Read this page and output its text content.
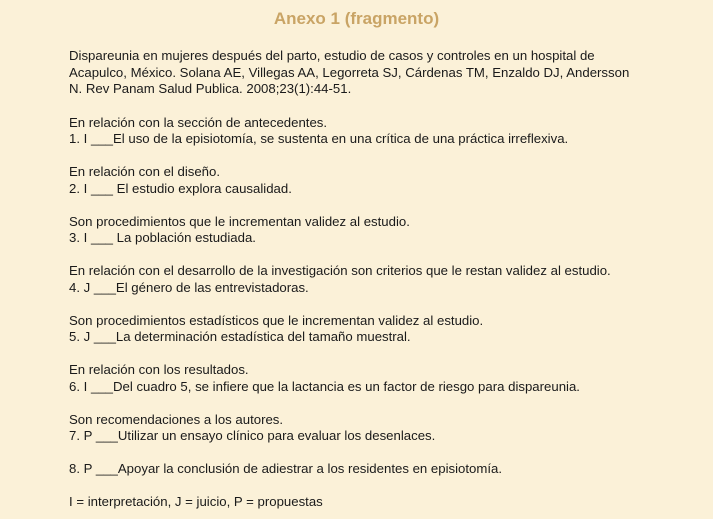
Anexo 1 (fragmento)
Dispareunia en mujeres después del parto, estudio de casos y controles en un hospital de
Acapulco, México. Solana AE, Villegas AA, Legorreta SJ, Cárdenas TM, Enzaldo DJ, Andersson
N. Rev Panam Salud Publica. 2008;23(1):44-51.
En relación con la sección de antecedentes.
1. I ___El uso de la episiotomía, se sustenta en una crítica de una práctica irreflexiva.
En relación con el diseño.
2. I ___ El estudio explora causalidad.
Son procedimientos que le incrementan validez al estudio.
3. I ___ La población estudiada.
En relación con el desarrollo de la investigación son criterios que le restan validez al estudio.
4. J ___El género de las entrevistadoras.
Son procedimientos estadísticos que le incrementan validez al estudio.
5. J ___La determinación estadística del tamaño muestral.
En relación con los resultados.
6. I ___Del cuadro 5, se infiere que la lactancia es un factor de riesgo para dispareunia.
Son recomendaciones a los autores.
7. P ___Utilizar un ensayo clínico para evaluar los desenlaces.
8. P ___Apoyar la conclusión de adiestrar a los residentes en episiotomía.
I = interpretación, J = juicio, P = propuestas
